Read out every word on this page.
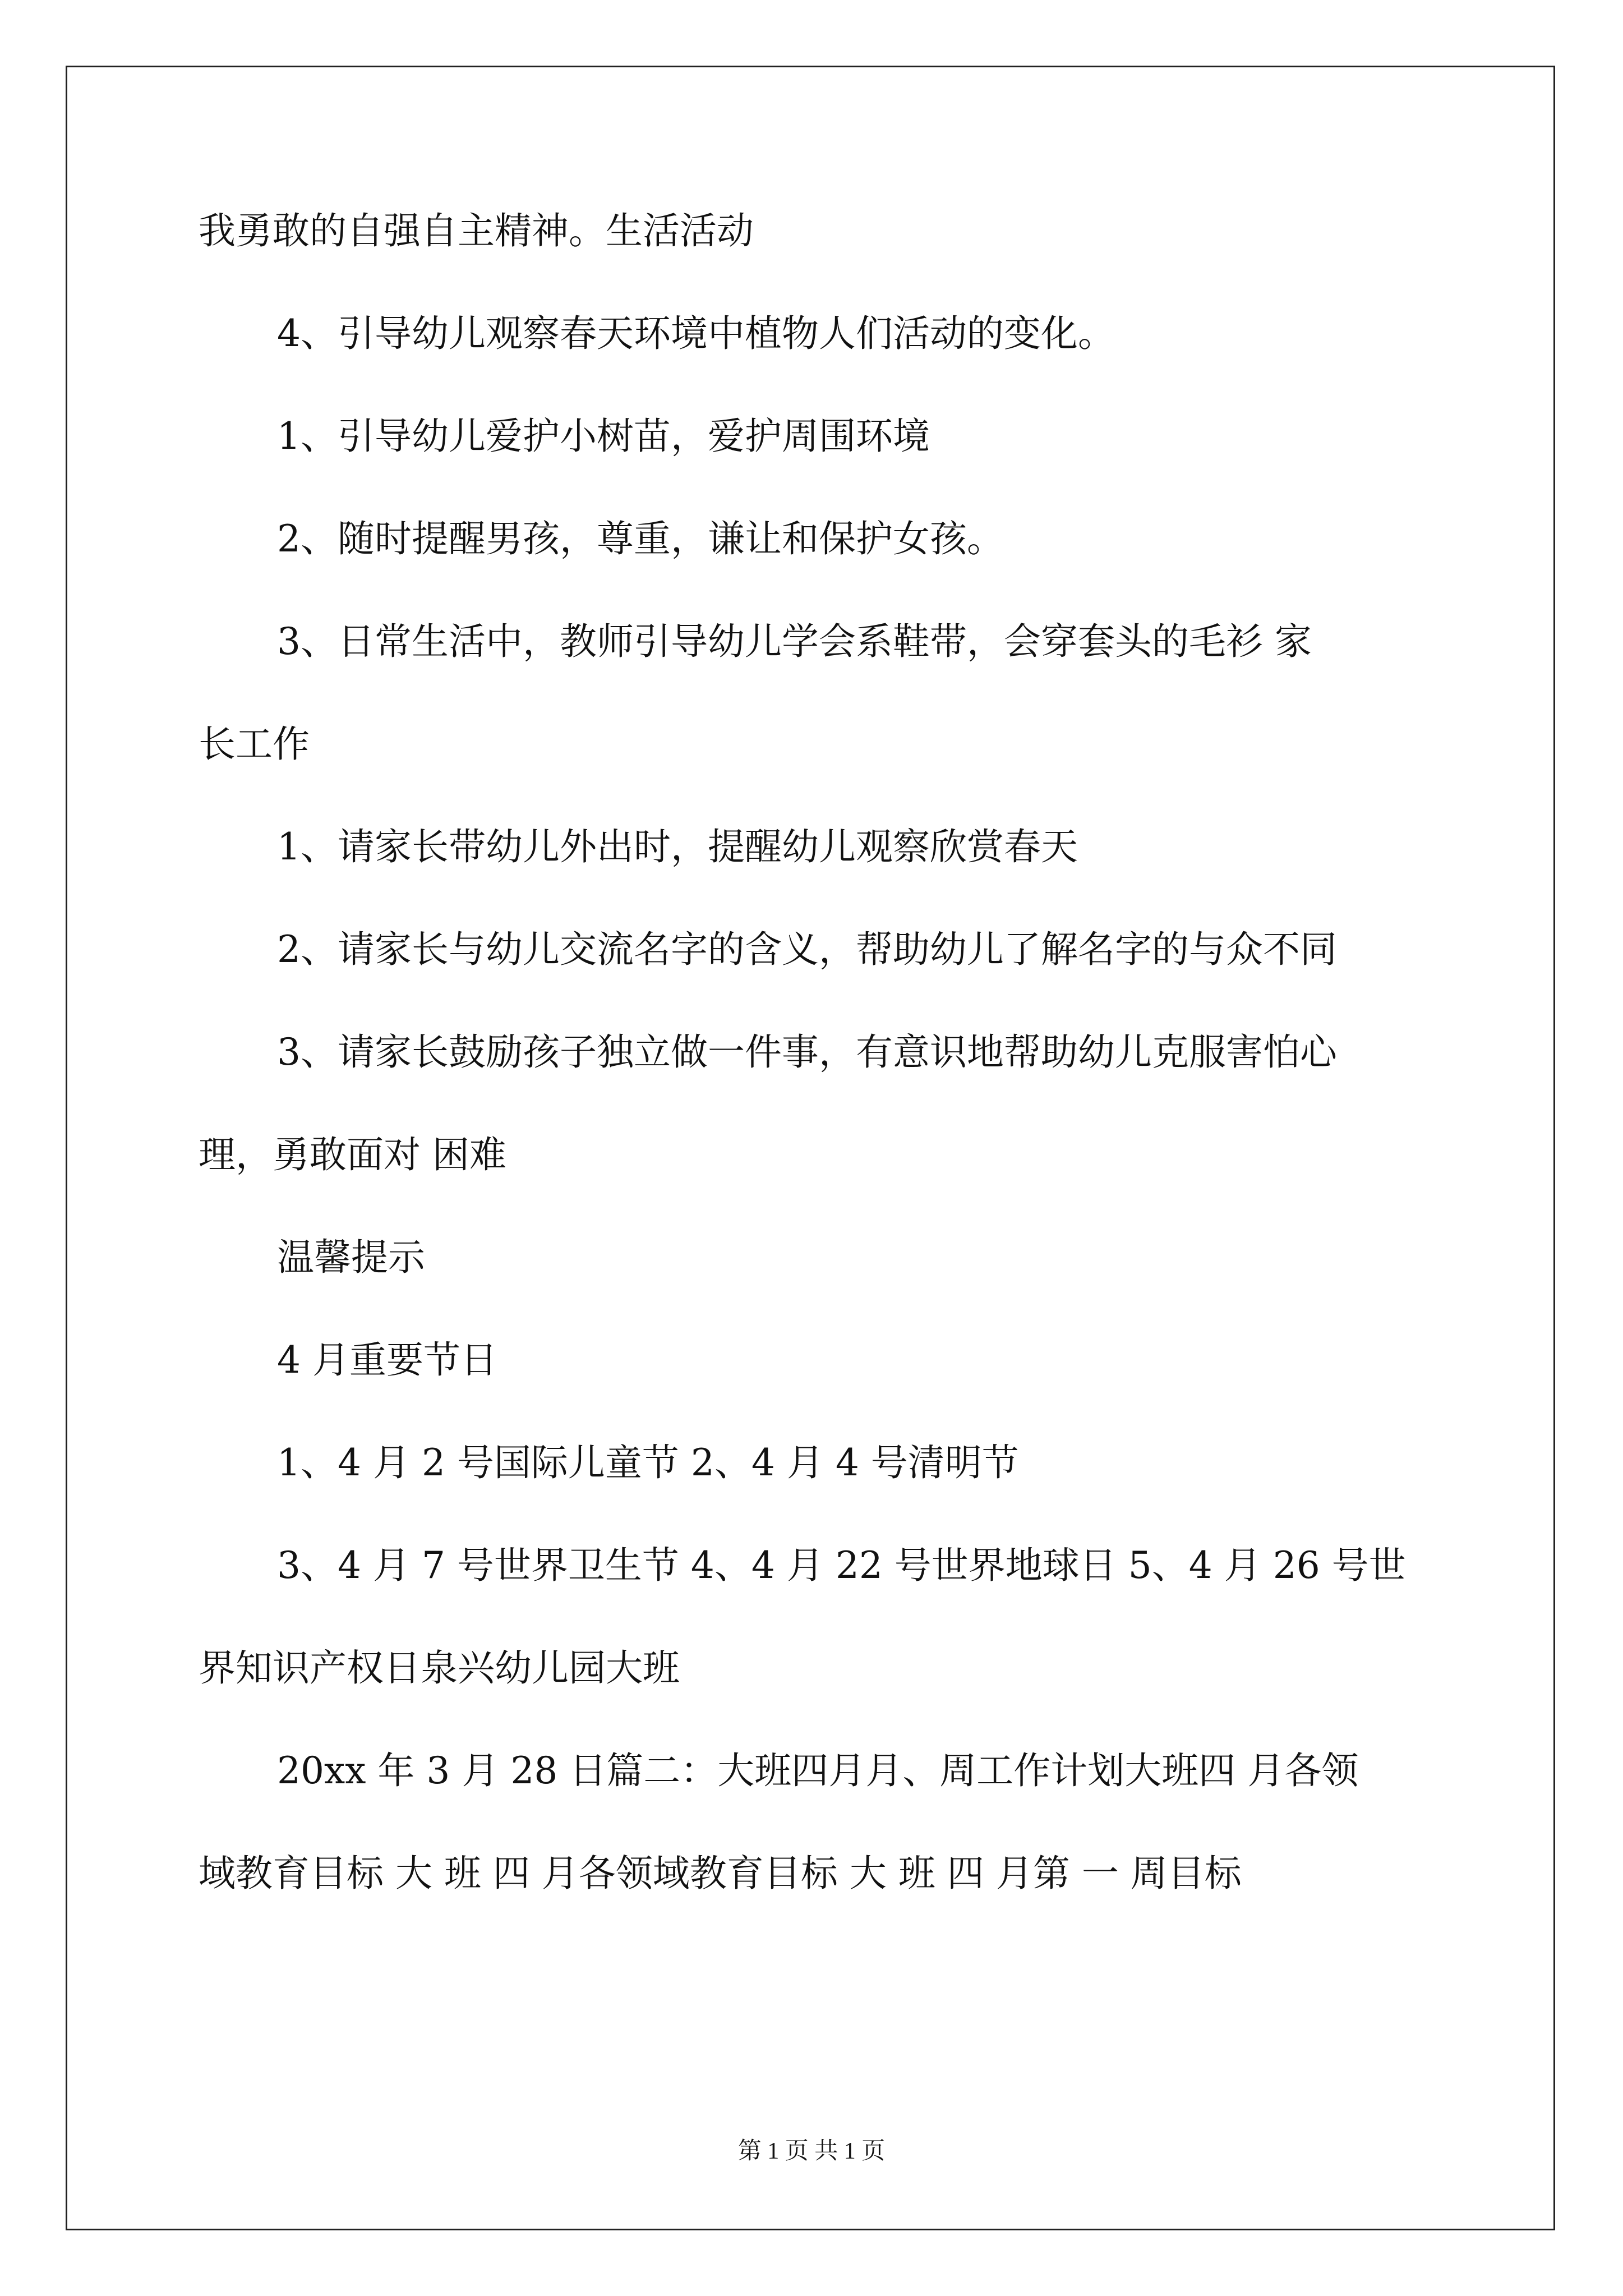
我勇敢的自强自主精神。生活活动
4、引导幼儿观察春天环境中植物人们活动的变化。
1、引导幼儿爱护小树苗，爱护周围环境
2、随时提醒男孩，尊重，谦让和保护女孩。
3、日常生活中，教师引导幼儿学会系鞋带，会穿套头的毛衫 家
长工作
1、请家长带幼儿外出时，提醒幼儿观察欣赏春天
2、请家长与幼儿交流名字的含义，帮助幼儿了解名字的与众不同
3、请家长鼓励孩子独立做一件事，有意识地帮助幼儿克服害怕心
理，勇敢面对 困难
温馨提示
4 月重要节日
1、4 月 2 号国际儿童节 2、4 月 4 号清明节
3、4 月 7 号世界卫生节 4、4 月 22 号世界地球日 5、4 月 26 号世
界知识产权日泉兴幼儿园大班
20xx 年 3 月 28 日篇二：大班四月月、周工作计划大班四 月各领
域教育目标 大 班 四 月各领域教育目标 大 班 四 月第 一 周目标
第 1 页 共 1 页
